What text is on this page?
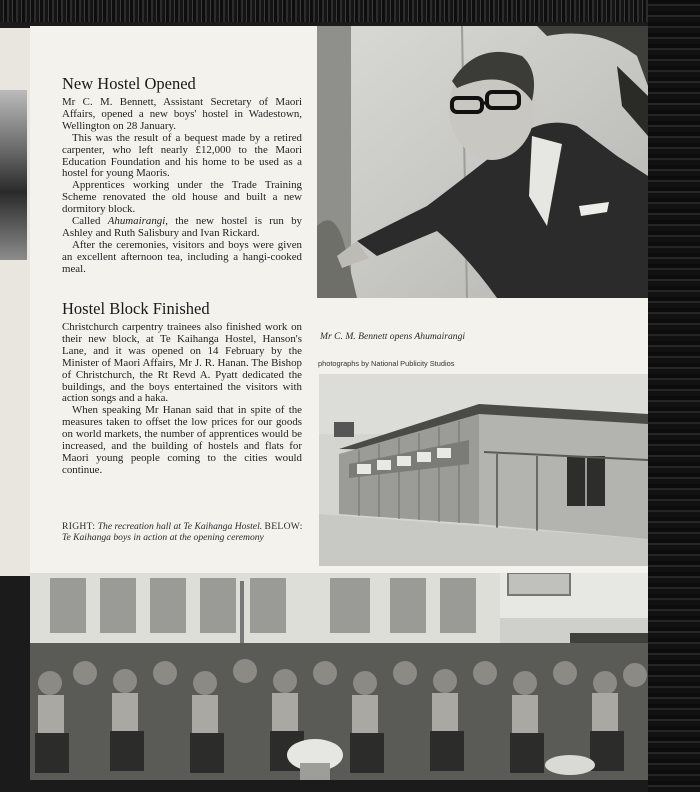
New Hostel Opened

Mr C. M. Bennett, Assistant Secretary of Maori Affairs, opened a new boys' hostel in Wadestown, Wellington on 28 January.

This was the result of a bequest made by a retired carpenter, who left nearly £12,000 to the Maori Education Foundation and his home to be used as a hostel for young Maoris.

Apprentices working under the Trade Training Scheme renovated the old house and built a new dormitory block.

Called Ahumairangi, the new hostel is run by Ashley and Ruth Salisbury and Ivan Rickard.

After the ceremonies, visitors and boys were given an excellent afternoon tea, including a hangi-cooked meal.

Hostel Block Finished

Christchurch carpentry trainees also finished work on their new block, at Te Kaihanga Hostel, Hanson's Lane, and it was opened on 14 February by the Minister of Maori Affairs, Mr J. R. Hanan. The Bishop of Christchurch, the Rt Revd A. Pyatt dedicated the buildings, and the boys entertained the visitors with action songs and a haka.

When speaking Mr Hanan said that in spite of the measures taken to offset the low prices for our goods on world markets, the number of apprentices would be increased, and the building of hostels and flats for Maori young people coming to the cities would continue.

RIGHT: The recreation hall at Te Kaihanga Hostel. BELOW: Te Kaihanga boys in action at the opening ceremony
Mr C. M. Bennett opens Ahumairangi
photographs by National Publicity Studios
